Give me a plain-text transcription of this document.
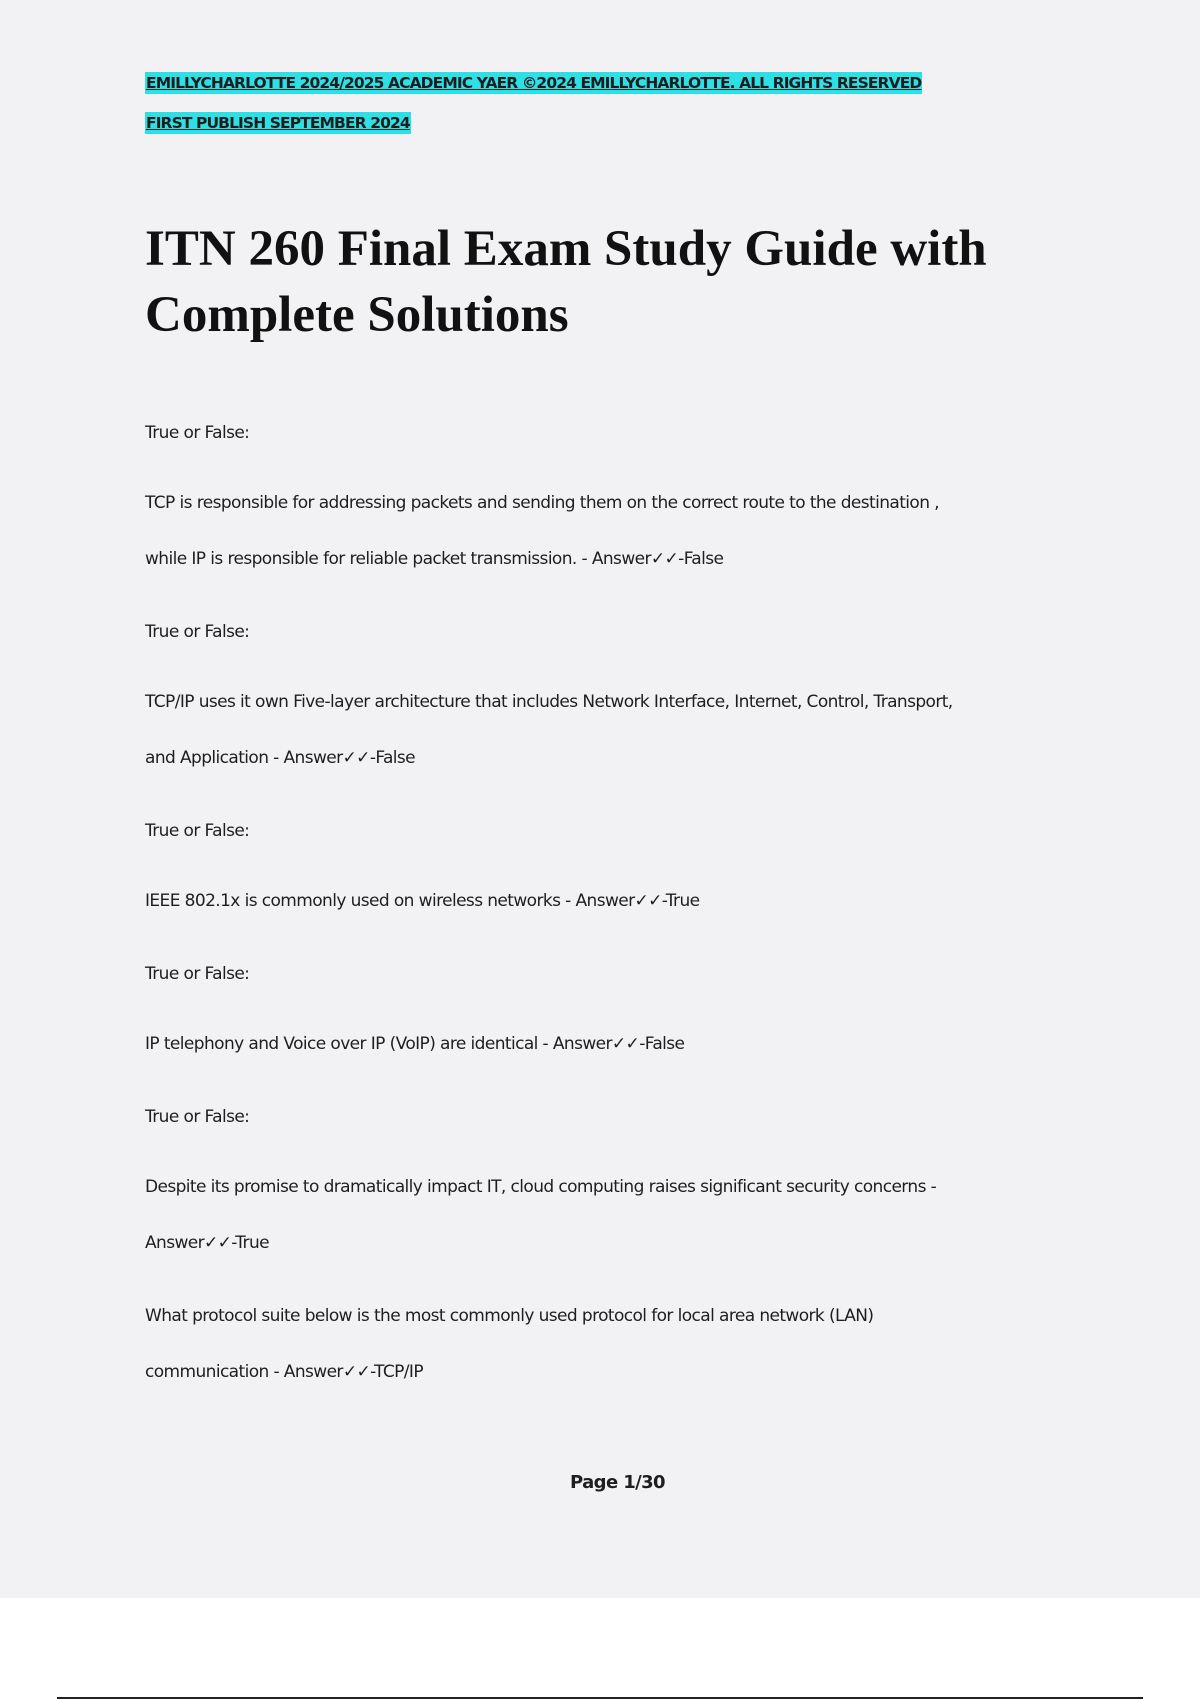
EMILLYCHARLOTTE 2024/2025 ACADEMIC YAER ©2024 EMILLYCHARLOTTE. ALL RIGHTS RESERVED
FIRST PUBLISH SEPTEMBER 2024
ITN 260 Final Exam Study Guide with Complete Solutions
True or False:
TCP is responsible for addressing packets and sending them on the correct route to the destination ,
while IP is responsible for reliable packet transmission. - Answer✓✓-False
True or False:
TCP/IP uses it own Five-layer architecture that includes Network Interface, Internet, Control, Transport,
and Application - Answer✓✓-False
True or False:
IEEE 802.1x is commonly used on wireless networks - Answer✓✓-True
True or False:
IP telephony and Voice over IP (VoIP) are identical - Answer✓✓-False
True or False:
Despite its promise to dramatically impact IT, cloud computing raises significant security concerns -
Answer✓✓-True
What protocol suite below is the most commonly used protocol for local area network (LAN)
communication - Answer✓✓-TCP/IP
Page 1/30
